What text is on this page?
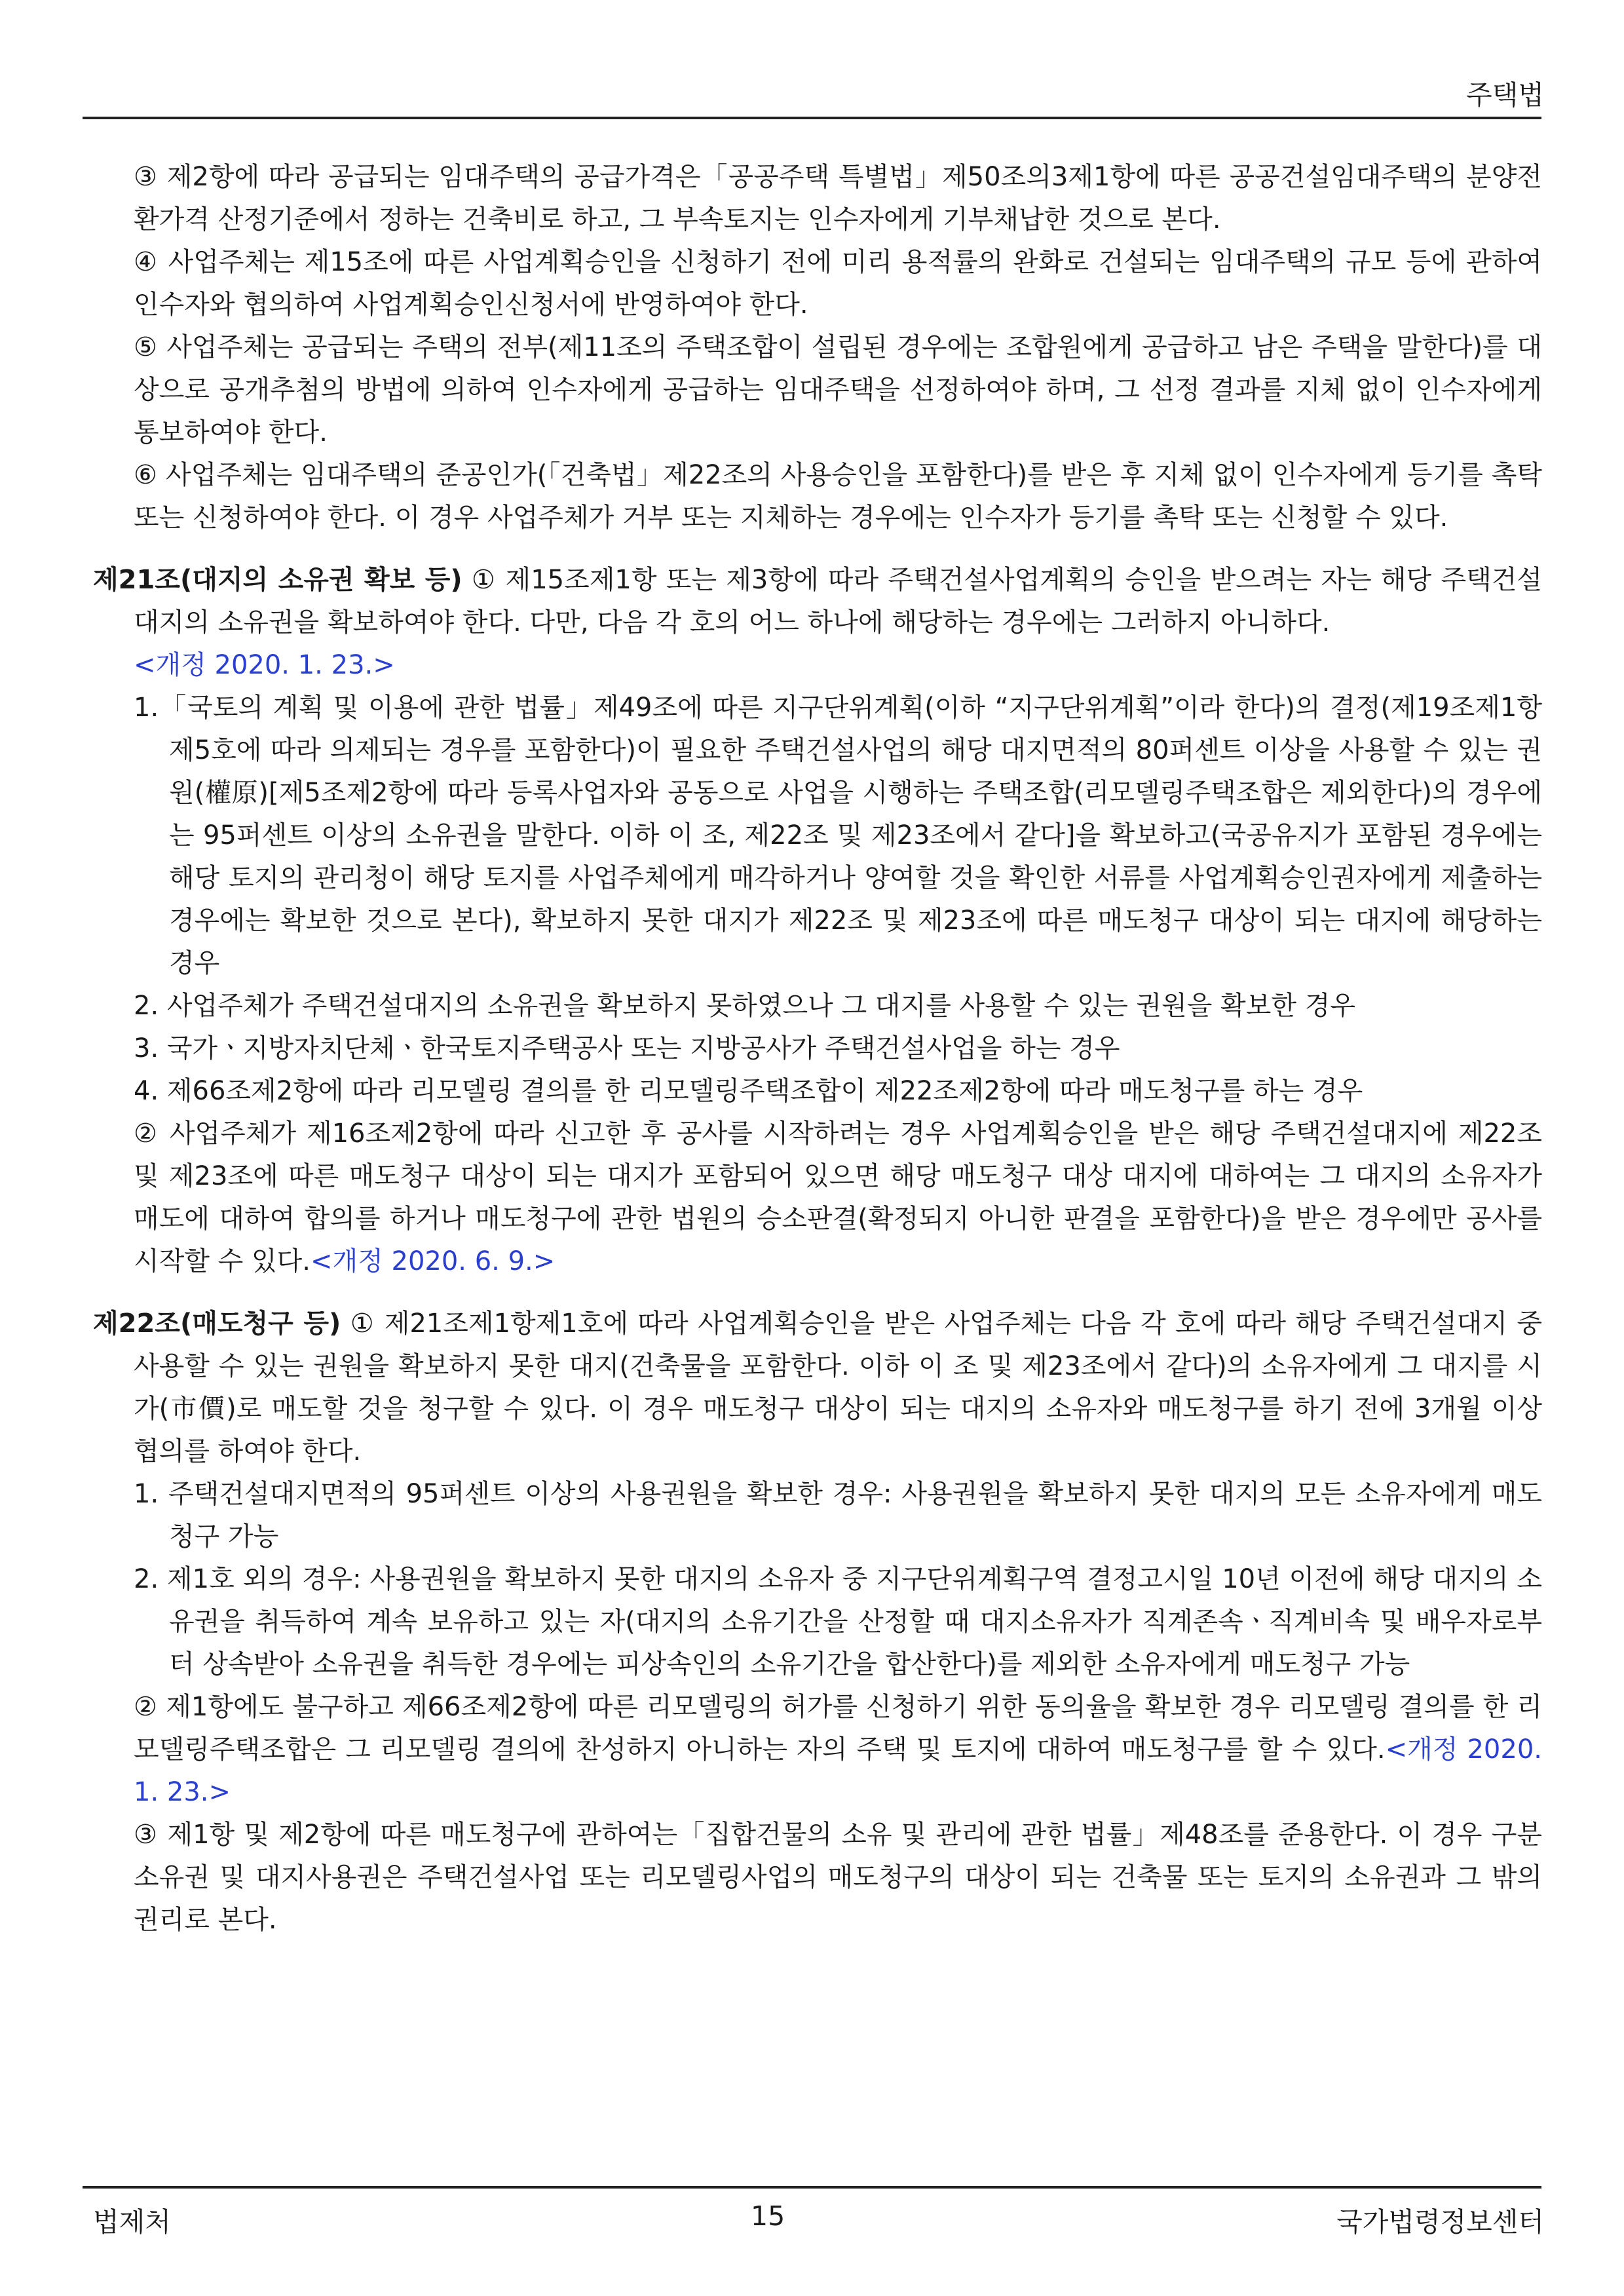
주택법
③ 제2항에 따라 공급되는 임대주택의 공급가격은「공공주택 특별법」제50조의3제1항에 따른 공공건설임대주택의 분양전환가격 산정기준에서 정하는 건축비로 하고, 그 부속토지는 인수자에게 기부채납한 것으로 본다.
④ 사업주체는 제15조에 따른 사업계획승인을 신청하기 전에 미리 용적률의 완화로 건설되는 임대주택의 규모 등에 관하여 인수자와 협의하여 사업계획승인신청서에 반영하여야 한다.
⑤ 사업주체는 공급되는 주택의 전부(제11조의 주택조합이 설립된 경우에는 조합원에게 공급하고 남은 주택을 말한다)를 대상으로 공개추첨의 방법에 의하여 인수자에게 공급하는 임대주택을 선정하여야 하며, 그 선정 결과를 지체 없이 인수자에게 통보하여야 한다.
⑥ 사업주체는 임대주택의 준공인가(「건축법」제22조의 사용승인을 포함한다)를 받은 후 지체 없이 인수자에게 등기를 촉탁 또는 신청하여야 한다. 이 경우 사업주체가 거부 또는 지체하는 경우에는 인수자가 등기를 촉탁 또는 신청할 수 있다.
제21조(대지의 소유권 확보 등) ① 제15조제1항 또는 제3항에 따라 주택건설사업계획의 승인을 받으려는 자는 해당 주택건설대지의 소유권을 확보하여야 한다. 다만, 다음 각 호의 어느 하나에 해당하는 경우에는 그러하지 아니하다.
<개정 2020. 1. 23.>
1.「국토의 계획 및 이용에 관한 법률」제49조에 따른 지구단위계획(이하 “지구단위계획”이라 한다)의 결정(제19조제1항제5호에 따라 의제되는 경우를 포함한다)이 필요한 주택건설사업의 해당 대지면적의 80퍼센트 이상을 사용할 수 있는 권원(權原)[제5조제2항에 따라 등록사업자와 공동으로 사업을 시행하는 주택조합(리모델링주택조합은 제외한다)의 경우에는 95퍼센트 이상의 소유권을 말한다. 이하 이 조, 제22조 및 제23조에서 같다]을 확보하고(국공유지가 포함된 경우에는 해당 토지의 관리청이 해당 토지를 사업주체에게 매각하거나 양여할 것을 확인한 서류를 사업계획승인권자에게 제출하는 경우에는 확보한 것으로 본다), 확보하지 못한 대지가 제22조 및 제23조에 따른 매도청구 대상이 되는 대지에 해당하는 경우
2. 사업주체가 주택건설대지의 소유권을 확보하지 못하였으나 그 대지를 사용할 수 있는 권원을 확보한 경우
3. 국가ㆍ지방자치단체ㆍ한국토지주택공사 또는 지방공사가 주택건설사업을 하는 경우
4. 제66조제2항에 따라 리모델링 결의를 한 리모델링주택조합이 제22조제2항에 따라 매도청구를 하는 경우
② 사업주체가 제16조제2항에 따라 신고한 후 공사를 시작하려는 경우 사업계획승인을 받은 해당 주택건설대지에 제22조 및 제23조에 따른 매도청구 대상이 되는 대지가 포함되어 있으면 해당 매도청구 대상 대지에 대하여는 그 대지의 소유자가 매도에 대하여 합의를 하거나 매도청구에 관한 법원의 승소판결(확정되지 아니한 판결을 포함한다)을 받은 경우에만 공사를 시작할 수 있다.<개정 2020. 6. 9.>
제22조(매도청구 등) ① 제21조제1항제1호에 따라 사업계획승인을 받은 사업주체는 다음 각 호에 따라 해당 주택건설대지 중 사용할 수 있는 권원을 확보하지 못한 대지(건축물을 포함한다. 이하 이 조 및 제23조에서 같다)의 소유자에게 그 대지를 시가(市價)로 매도할 것을 청구할 수 있다. 이 경우 매도청구 대상이 되는 대지의 소유자와 매도청구를 하기 전에 3개월 이상 협의를 하여야 한다.
1. 주택건설대지면적의 95퍼센트 이상의 사용권원을 확보한 경우: 사용권원을 확보하지 못한 대지의 모든 소유자에게 매도청구 가능
2. 제1호 외의 경우: 사용권원을 확보하지 못한 대지의 소유자 중 지구단위계획구역 결정고시일 10년 이전에 해당 대지의 소유권을 취득하여 계속 보유하고 있는 자(대지의 소유기간을 산정할 때 대지소유자가 직계존속ㆍ직계비속 및 배우자로부터 상속받아 소유권을 취득한 경우에는 피상속인의 소유기간을 합산한다)를 제외한 소유자에게 매도청구 가능
② 제1항에도 불구하고 제66조제2항에 따른 리모델링의 허가를 신청하기 위한 동의율을 확보한 경우 리모델링 결의를 한 리모델링주택조합은 그 리모델링 결의에 찬성하지 아니하는 자의 주택 및 토지에 대하여 매도청구를 할 수 있다.<개정 2020. 1. 23.>
③ 제1항 및 제2항에 따른 매도청구에 관하여는「집합건물의 소유 및 관리에 관한 법률」제48조를 준용한다. 이 경우 구분소유권 및 대지사용권은 주택건설사업 또는 리모델링사업의 매도청구의 대상이 되는 건축물 또는 토지의 소유권과 그 밖의 권리로 본다.
법제처	15	국가법령정보센터
